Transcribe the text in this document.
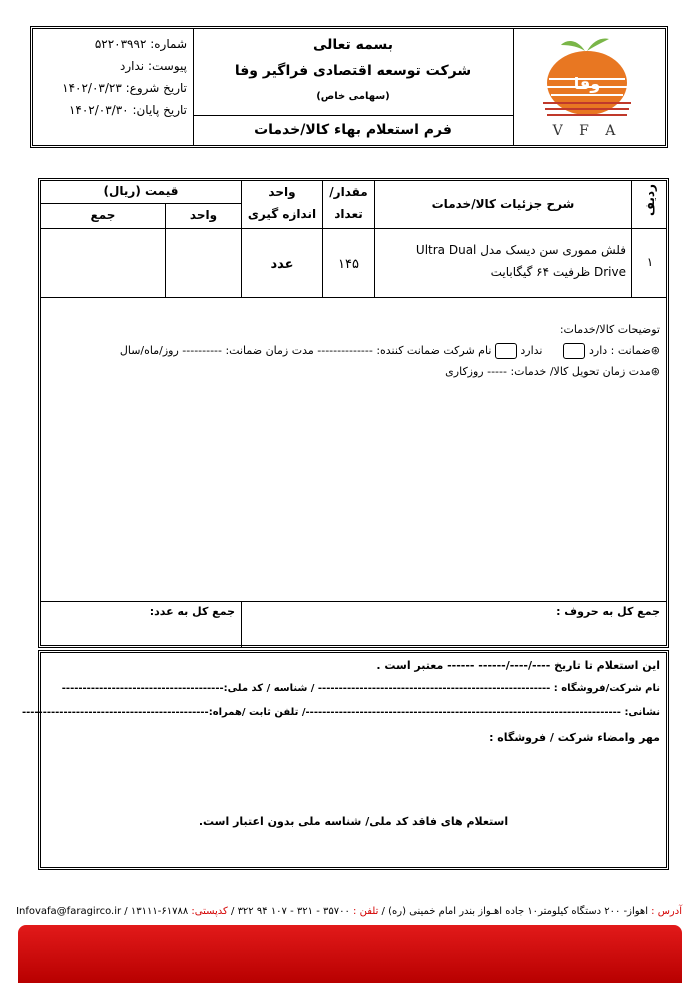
شماره: ۵۲۲۰۳۹۹۲
پیوست: ندارد
تاریخ شروع: ۱۴۰۲/۰۳/۲۳
تاریخ پایان: ۱۴۰۲/۰۳/۳۰
بسمه تعالی
شرکت توسعه اقتصادی فراگیر وفا
(سهامی خاص)
فرم استعلام بهاء کالا/خدمات
وفا
V F A
ردیف
شرح جزئیات کالا/خدمات
مقدار/
تعداد
واحد
اندازه گیری
قیمت (ریال)
واحد
جمع
۱
فلش مموری سن دیسک مدل Ultra Dual
Drive ظرفیت ۶۴ گیگابایت
۱۴۵
عدد
توضیحات کالا/خدمات:
⊛ضمانت : دارد       ندارد  نام شرکت ضمانت کننده: -------------- مدت زمان ضمانت: ---------- روز/ماه/سال
⊛مدت زمان تحویل کالا/ خدمات: ----- روزکاری
جمع کل به حروف :
جمع کل به عدد:
این استعلام تا تاریخ ----/----/------ ------ معتبر است .
نام شرکت/فروشگاه : -------------------------------------------------------- / شناسه / کد ملی:---------------------------------------
نشانی: ----------------------------------------------------------------------------/ تلفن ثابت /همراه:---------------------------------------------
مهر وامضاء شرکت / فروشگاه :
استعلام های فاقد کد ملی/ شناسه ملی بدون اعتبار است.
آدرس : اهواز- ۲۰۰ دستگاه کیلومتر۱۰ جاده اهـواز بندر امام خمینی (ره) / تلفن : ۳۵۷۰۰ - ۳۲۱ - ۱۰۷ ۹۴ ۳۲۲ / کدپستی: ۶۱۷۸۸-۱۳۱۱۱ / Infovafa@faragirco.ir
